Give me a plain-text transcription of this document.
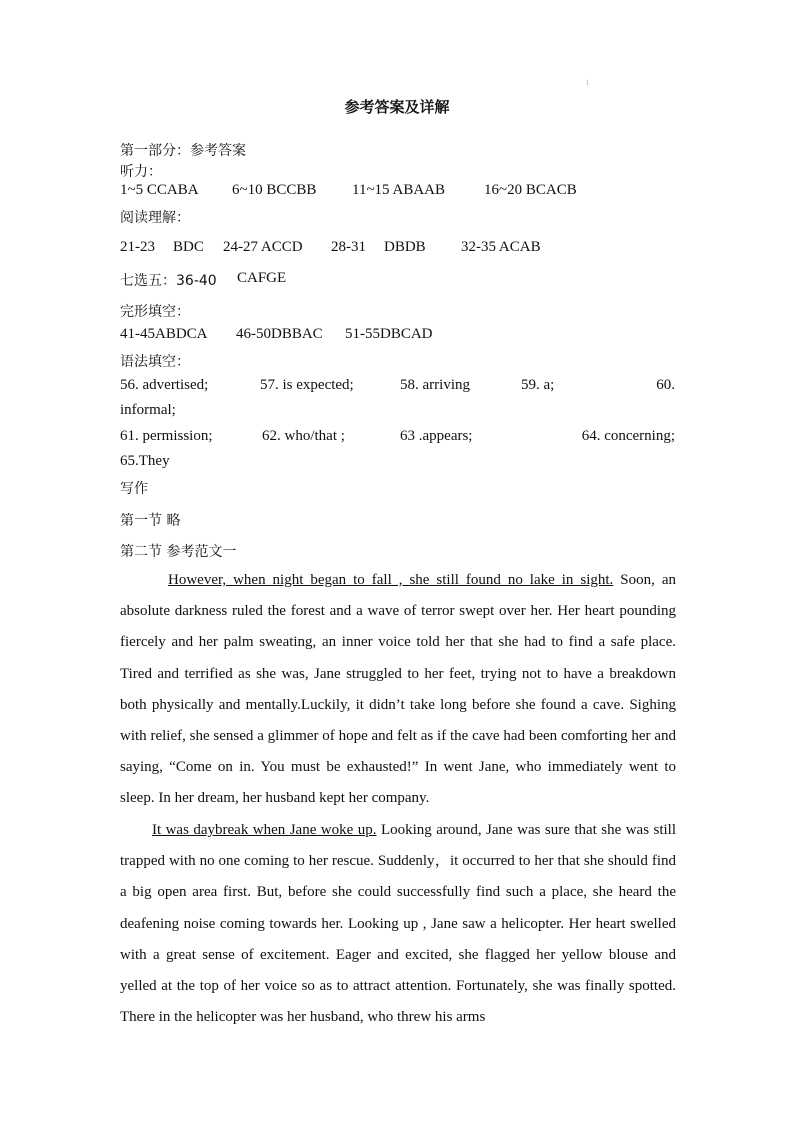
⁝
参考答案及详解
第一部分：参考答案
听力：
1~5 CCABA 6~10 BCCBB 11~15 ABAAB	16~20 BCACB
阅读理解：
21-23 BDC 24-27 ACCD 28-31 DBDB 32-35 ACAB
七选五：36-40 CAFGE
完形填空：
41-45ABDCA 46-50DBBAC 51-55DBCAD
语法填空：
56. advertised;	57. is expected;	58. arriving	59. a;	60.
informal;
61. permission;	62. who/that ;	63 .appears;	64. concerning;
65.They
写作
第一节 略
第二节 参考范文一
However, when night began to fall , she still found no lake in sight. Soon, an absolute darkness ruled the forest and a wave of terror swept over her. Her heart pounding fiercely and her palm sweating, an inner voice told her that she had to find a safe place. Tired and terrified as she was, Jane struggled to her feet, trying not to have a breakdown both physically and mentally.Luckily, it didn’t take long before she found a cave. Sighing with relief, she sensed a glimmer of hope and felt as if the cave had been comforting her and saying, “Come on in. You must be exhausted!” In went Jane, who immediately went to sleep. In her dream, her husband kept her company.
It was daybreak when Jane woke up. Looking around, Jane was sure that she was still trapped with no one coming to her rescue. Suddenly，it occurred to her that she should find a big open area first. But, before she could successfully find such a place, she heard the deafening noise coming towards her. Looking up , Jane saw a helicopter. Her heart swelled with a great sense of excitement. Eager and excited, she flagged her yellow blouse and yelled at the top of her voice so as to attract attention. Fortunately, she was finally spotted. There in the helicopter was her husband, who threw his arms
